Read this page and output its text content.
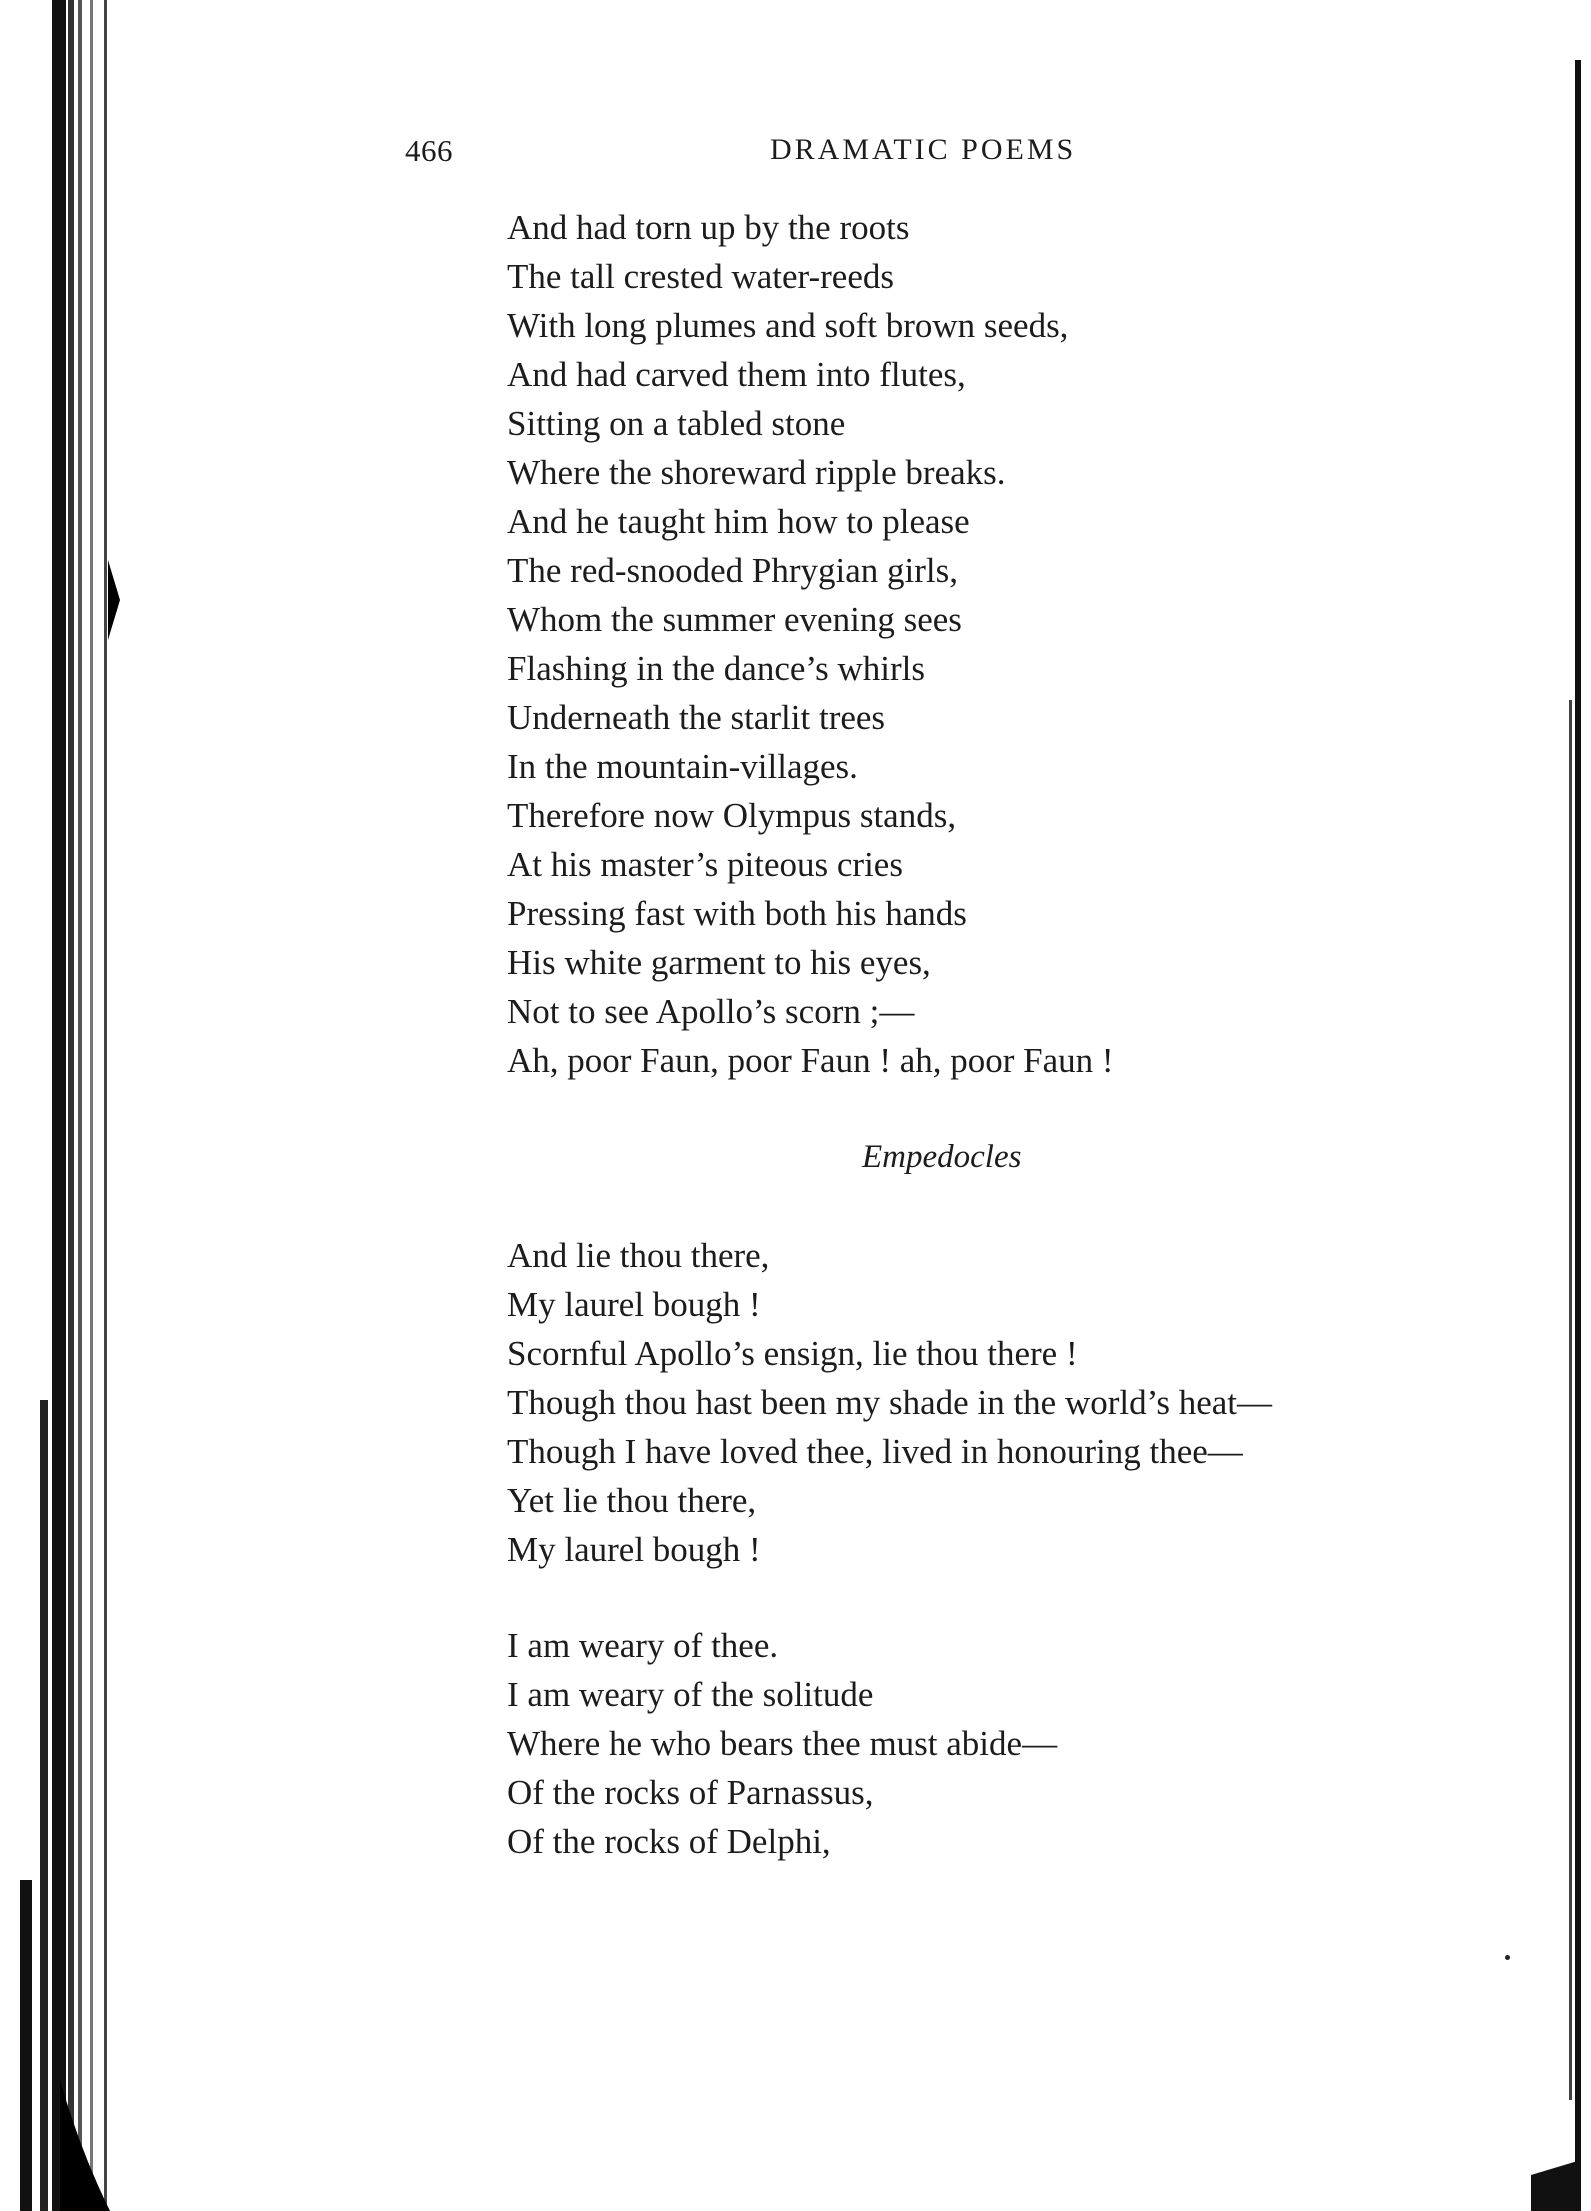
466	DRAMATIC POEMS
And had torn up by the roots
The tall crested water-reeds
With long plumes and soft brown seeds,
And had carved them into flutes,
Sitting on a tabled stone
Where the shoreward ripple breaks.
And he taught him how to please
The red-snooded Phrygian girls,
Whom the summer evening sees
Flashing in the dance’s whirls
Underneath the starlit trees
In the mountain-villages.
Therefore now Olympus stands,
At his master’s piteous cries
Pressing fast with both his hands
His white garment to his eyes,
Not to see Apollo’s scorn ;—
Ah, poor Faun, poor Faun ! ah, poor Faun !
Empedocles
And lie thou there,
My laurel bough !
Scornful Apollo’s ensign, lie thou there !
Though thou hast been my shade in the world’s heat—
Though I have loved thee, lived in honouring thee—
Yet lie thou there,
My laurel bough !
I am weary of thee.
I am weary of the solitude
Where he who bears thee must abide—
Of the rocks of Parnassus,
Of the rocks of Delphi,
